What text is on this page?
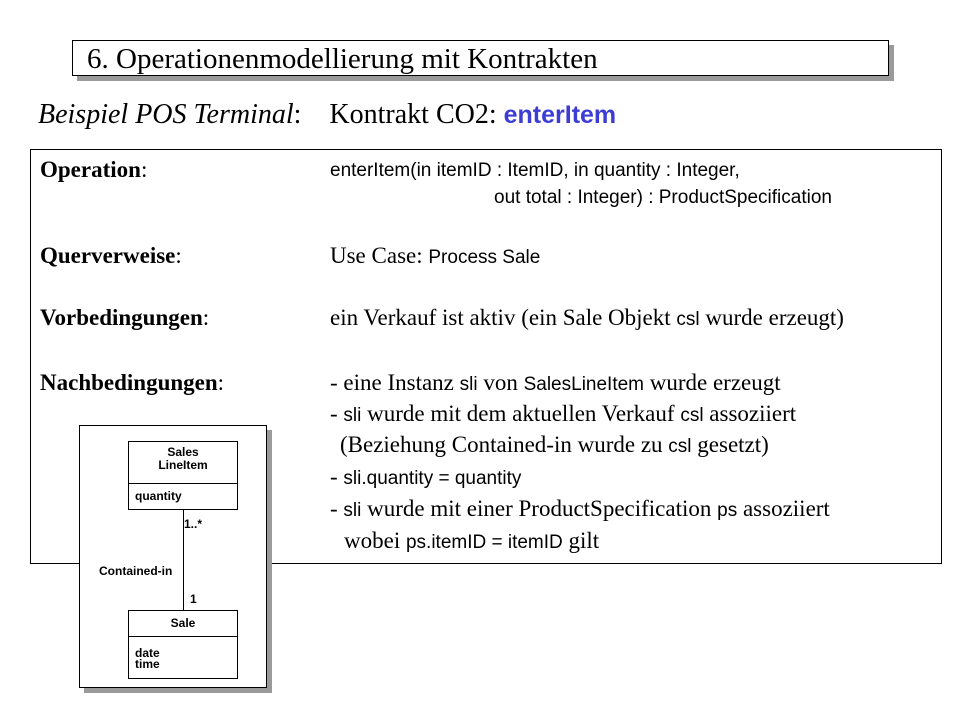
6. Operationenmodellierung mit Kontrakten
Beispiel POS Terminal: Kontrakt CO2: enterItem
Operation:	enterItem(in itemID : ItemID, in quantity : Integer,
out total : Integer) : ProductSpecification
Querverweise:	Use Case: Process Sale
Vorbedingungen:	ein Verkauf ist aktiv (ein Sale Objekt csl wurde erzeugt)
Nachbedingungen:	- eine Instanz sli von SalesLineItem wurde erzeugt
- sli wurde mit dem aktuellen Verkauf csl assoziiert
(Beziehung Contained-in wurde zu csl gesetzt)
- sli.quantity = quantity
- sli wurde mit einer ProductSpecification ps assoziiert
wobei ps.itemID = itemID gilt
Sales
LineItem
quantity
1..*
Contained-in
1
Sale
date
time
